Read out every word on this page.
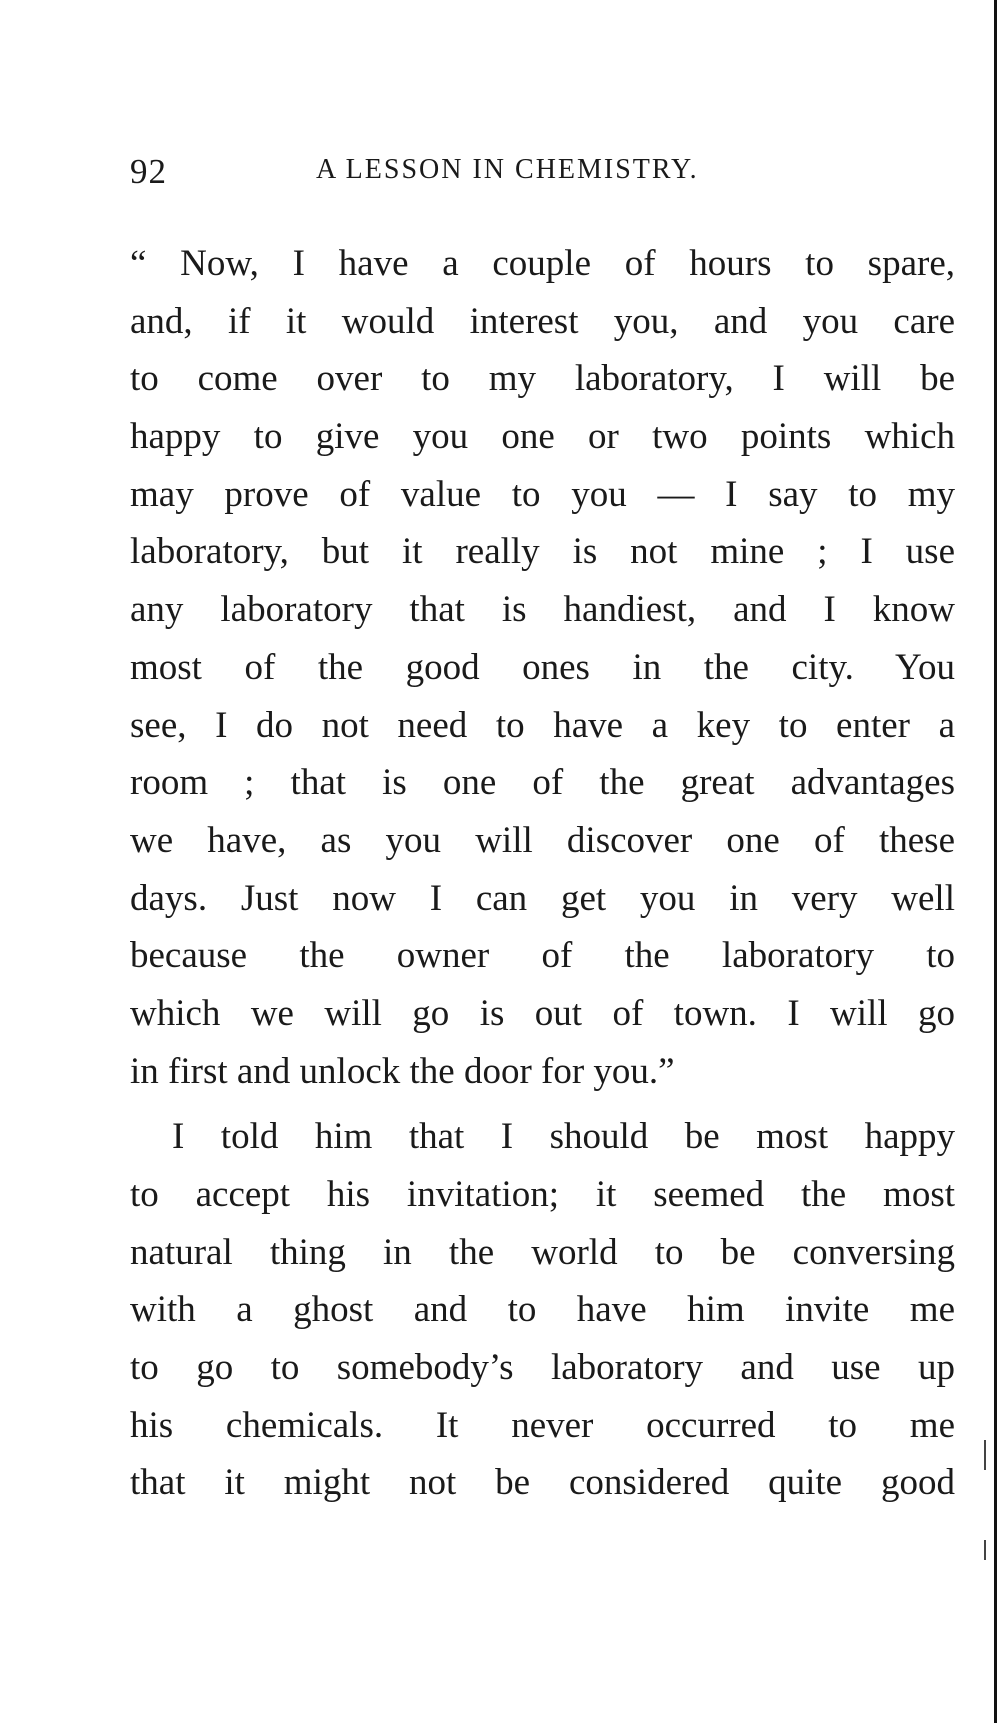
92	A LESSON IN CHEMISTRY.
“ Now, I have a couple of hours to spare,
and, if it would interest you, and you care
to come over to my laboratory, I will be
happy to give you one or two points which
may prove of value to you — I say to my
laboratory, but it really is not mine ; I use
any laboratory that is handiest, and I know
most of the good ones in the city. You
see, I do not need to have a key to enter a
room ; that is one of the great advantages
we have, as you will discover one of these
days. Just now I can get you in very well
because the owner of the laboratory to
which we will go is out of town. I will go
in first and unlock the door for you.”
I told him that I should be most happy
to accept his invitation; it seemed the most
natural thing in the world to be conversing
with a ghost and to have him invite me
to go to somebody’s laboratory and use up
his chemicals. It never occurred to me
that it might not be considered quite good
